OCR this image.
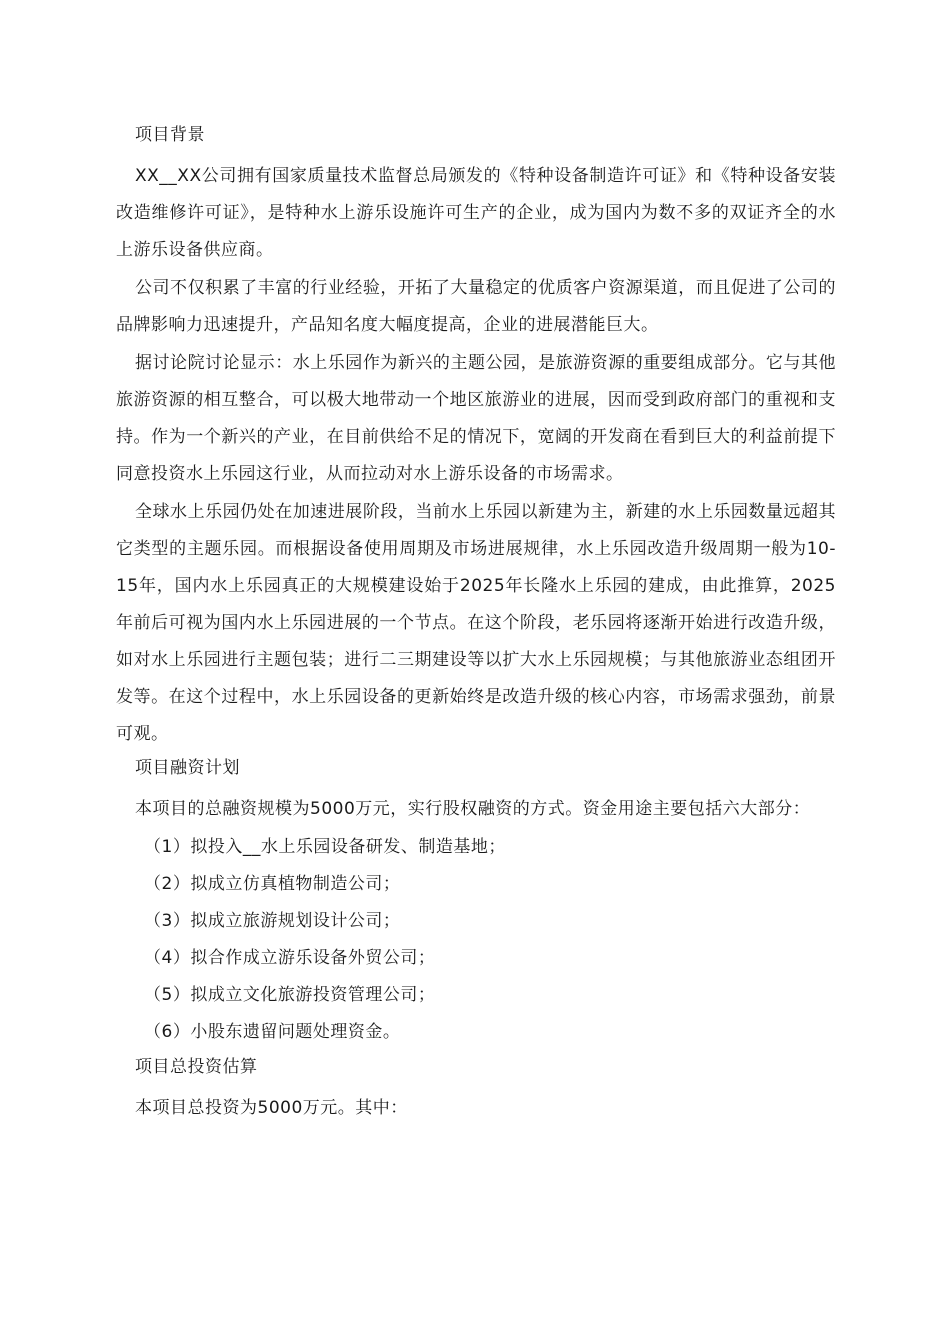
项目背景

XX__XX公司拥有国家质量技术监督总局颁发的《特种设备制造许可证》和《特种设备安装改造维修许可证》，是特种水上游乐设施许可生产的企业，成为国内为数不多的双证齐全的水上游乐设备供应商。

公司不仅积累了丰富的行业经验，开拓了大量稳定的优质客户资源渠道，而且促进了公司的品牌影响力迅速提升，产品知名度大幅度提高，企业的进展潜能巨大。

据讨论院讨论显示：水上乐园作为新兴的主题公园，是旅游资源的重要组成部分。它与其他旅游资源的相互整合，可以极大地带动一个地区旅游业的进展，因而受到政府部门的重视和支持。作为一个新兴的产业，在目前供给不足的情况下，宽阔的开发商在看到巨大的利益前提下同意投资水上乐园这行业，从而拉动对水上游乐设备的市场需求。

全球水上乐园仍处在加速进展阶段，当前水上乐园以新建为主，新建的水上乐园数量远超其它类型的主题乐园。而根据设备使用周期及市场进展规律，水上乐园改造升级周期一般为10-15年，国内水上乐园真正的大规模建设始于2025年长隆水上乐园的建成，由此推算，2025年前后可视为国内水上乐园进展的一个节点。在这个阶段，老乐园将逐渐开始进行改造升级，如对水上乐园进行主题包装；进行二三期建设等以扩大水上乐园规模；与其他旅游业态组团开发等。在这个过程中，水上乐园设备的更新始终是改造升级的核心内容，市场需求强劲，前景可观。

项目融资计划

本项目的总融资规模为5000万元，实行股权融资的方式。资金用途主要包括六大部分：

（1）拟投入__水上乐园设备研发、制造基地；

（2）拟成立仿真植物制造公司；

（3）拟成立旅游规划设计公司；

（4）拟合作成立游乐设备外贸公司；

（5）拟成立文化旅游投资管理公司；

（6）小股东遗留问题处理资金。

项目总投资估算

本项目总投资为5000万元。其中：
